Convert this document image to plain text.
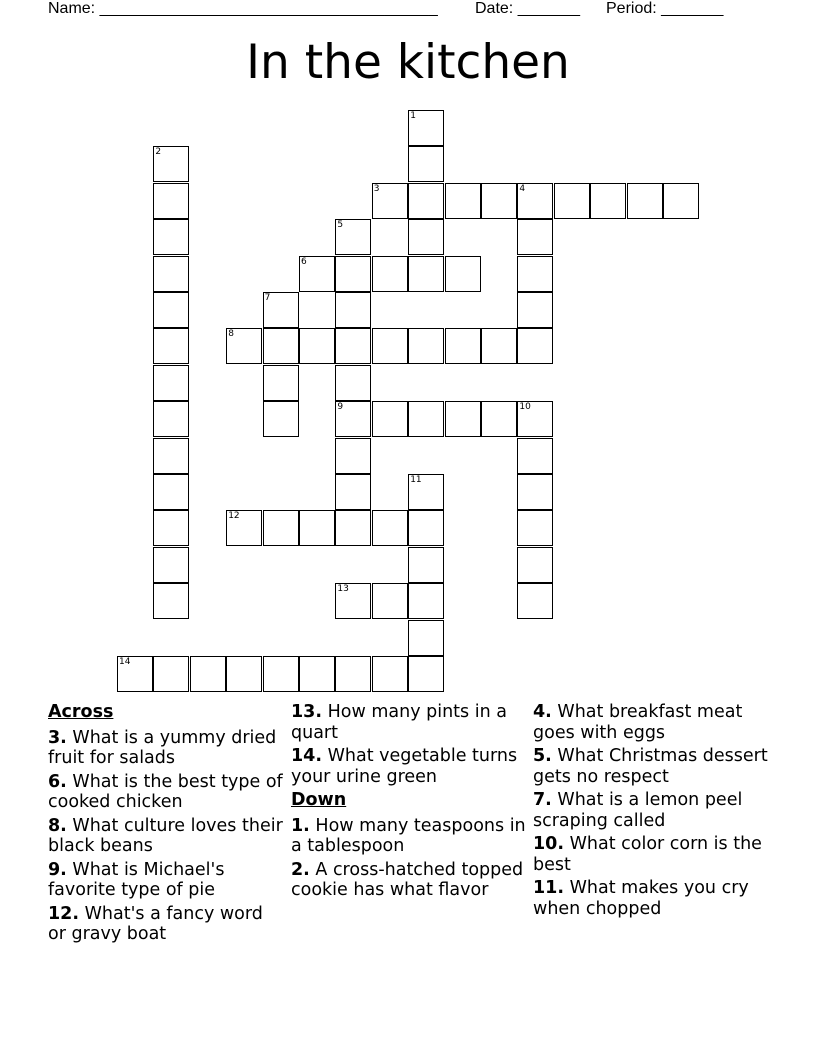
Name: ______________________________________ Date: _______ Period: _______
In the kitchen
3	4
6
8
9	10
12
13
14
2
1
7
5
11
Across
3. What is a yummy dried fruit for salads
6. What is the best type of cooked chicken
8. What culture loves their black beans
9. What is Michael's favorite type of pie
12. What's a fancy word or gravy boat
13. How many pints in a quart
14. What vegetable turns your urine green
Down
1. How many teaspoons in a tablespoon
2. A cross-hatched topped cookie has what flavor
4. What breakfast meat goes with eggs
5. What Christmas dessert gets no respect
7. What is a lemon peel scraping called
10. What color corn is the best
11. What makes you cry when chopped
